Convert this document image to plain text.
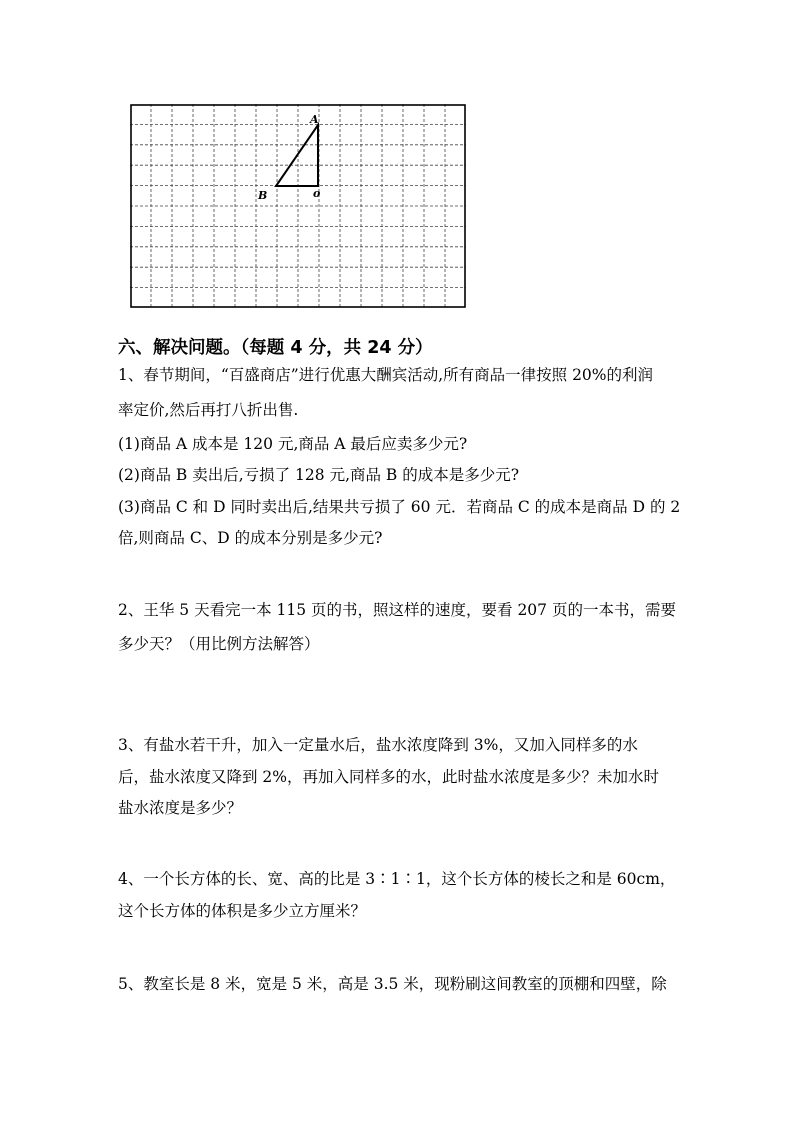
A
B	o
六、解决问题。（每题 4 分，共 24 分）
1、春节期间，“百盛商店”进行优惠大酬宾活动,所有商品一律按照 20%的利润
率定价,然后再打八折出售.
(1)商品 A 成本是 120 元,商品 A 最后应卖多少元?
(2)商品 B 卖出后,亏损了 128 元,商品 B 的成本是多少元?
(3)商品 C 和 D 同时卖出后,结果共亏损了 60 元．若商品 C 的成本是商品 D 的 2
倍,则商品 C、D 的成本分别是多少元?
2、王华 5 天看完一本 115 页的书，照这样的速度，要看 207 页的一本书，需要
多少天？（用比例方法解答）
3、有盐水若干升，加入一定量水后，盐水浓度降到 3%，又加入同样多的水
后，盐水浓度又降到 2%，再加入同样多的水，此时盐水浓度是多少？未加水时
盐水浓度是多少？
4、一个长方体的长、宽、高的比是 3∶1∶1，这个长方体的棱长之和是 60cm，
这个长方体的体积是多少立方厘米？
5、教室长是 8 米，宽是 5 米，高是 3.5 米，现粉刷这间教室的顶棚和四壁，除
